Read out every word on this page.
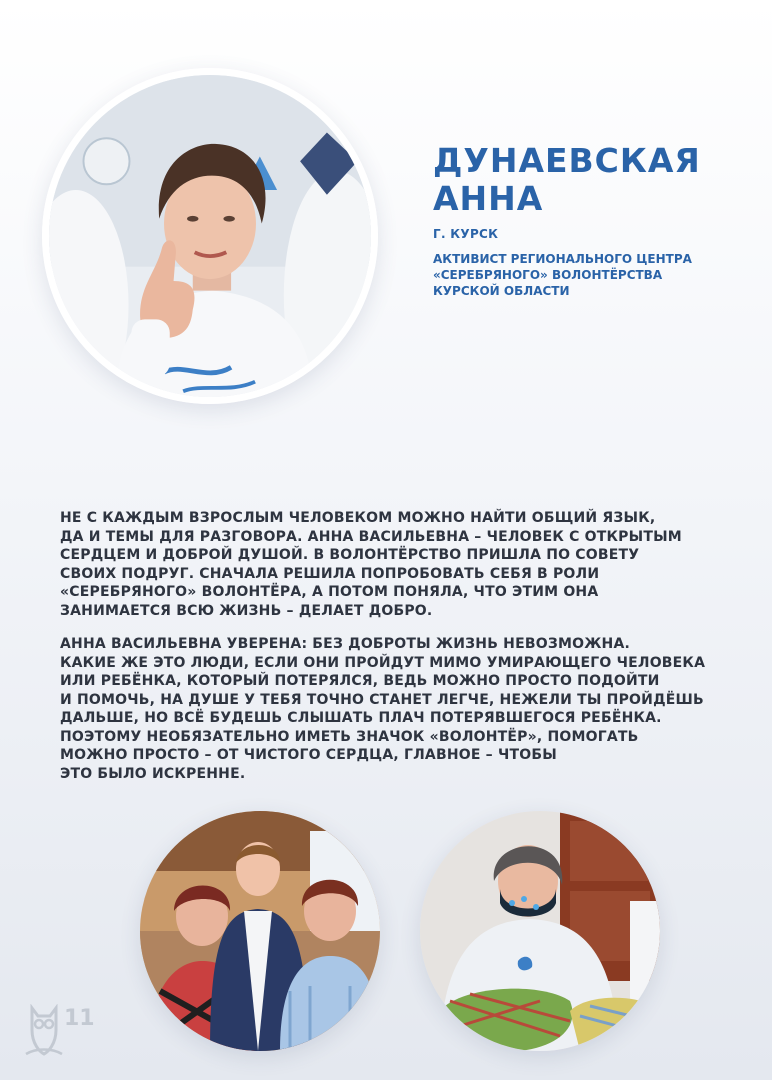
ДУНАЕВСКАЯ
АННА
Г. КУРСК
АКТИВИСТ РЕГИОНАЛЬНОГО ЦЕНТРА
«СЕРЕБРЯНОГО» ВОЛОНТЁРСТВА
КУРСКОЙ ОБЛАСТИ
НЕ С КАЖДЫМ ВЗРОСЛЫМ ЧЕЛОВЕКОМ МОЖНО НАЙТИ ОБЩИЙ ЯЗЫК,
ДА И ТЕМЫ ДЛЯ РАЗГОВОРА. АННА ВАСИЛЬЕВНА – ЧЕЛОВЕК С ОТКРЫТЫМ
СЕРДЦЕМ И ДОБРОЙ ДУШОЙ. В ВОЛОНТЁРСТВО ПРИШЛА ПО СОВЕТУ
СВОИХ ПОДРУГ. СНАЧАЛА РЕШИЛА ПОПРОБОВАТЬ СЕБЯ В РОЛИ
«СЕРЕБРЯНОГО» ВОЛОНТЁРА, А ПОТОМ ПОНЯЛА, ЧТО ЭТИМ ОНА
ЗАНИМАЕТСЯ ВСЮ ЖИЗНЬ – ДЕЛАЕТ ДОБРО.
АННА ВАСИЛЬЕВНА УВЕРЕНА: БЕЗ ДОБРОТЫ ЖИЗНЬ НЕВОЗМОЖНА.
КАКИЕ ЖЕ ЭТО ЛЮДИ, ЕСЛИ ОНИ ПРОЙДУТ МИМО УМИРАЮЩЕГО ЧЕЛОВЕКА
ИЛИ РЕБЁНКА, КОТОРЫЙ ПОТЕРЯЛСЯ, ВЕДЬ МОЖНО ПРОСТО ПОДОЙТИ
И ПОМОЧЬ, НА ДУШЕ У ТЕБЯ ТОЧНО СТАНЕТ ЛЕГЧЕ, НЕЖЕЛИ ТЫ ПРОЙДЁШЬ
ДАЛЬШЕ, НО ВСЁ БУДЕШЬ СЛЫШАТЬ ПЛАЧ ПОТЕРЯВШЕГОСЯ РЕБЁНКА.
ПОЭТОМУ НЕОБЯЗАТЕЛЬНО ИМЕТЬ ЗНАЧОК «ВОЛОНТЁР», ПОМОГАТЬ
МОЖНО ПРОСТО – ОТ ЧИСТОГО СЕРДЦА, ГЛАВНОЕ – ЧТОБЫ
ЭТО БЫЛО ИСКРЕННЕ.
11
